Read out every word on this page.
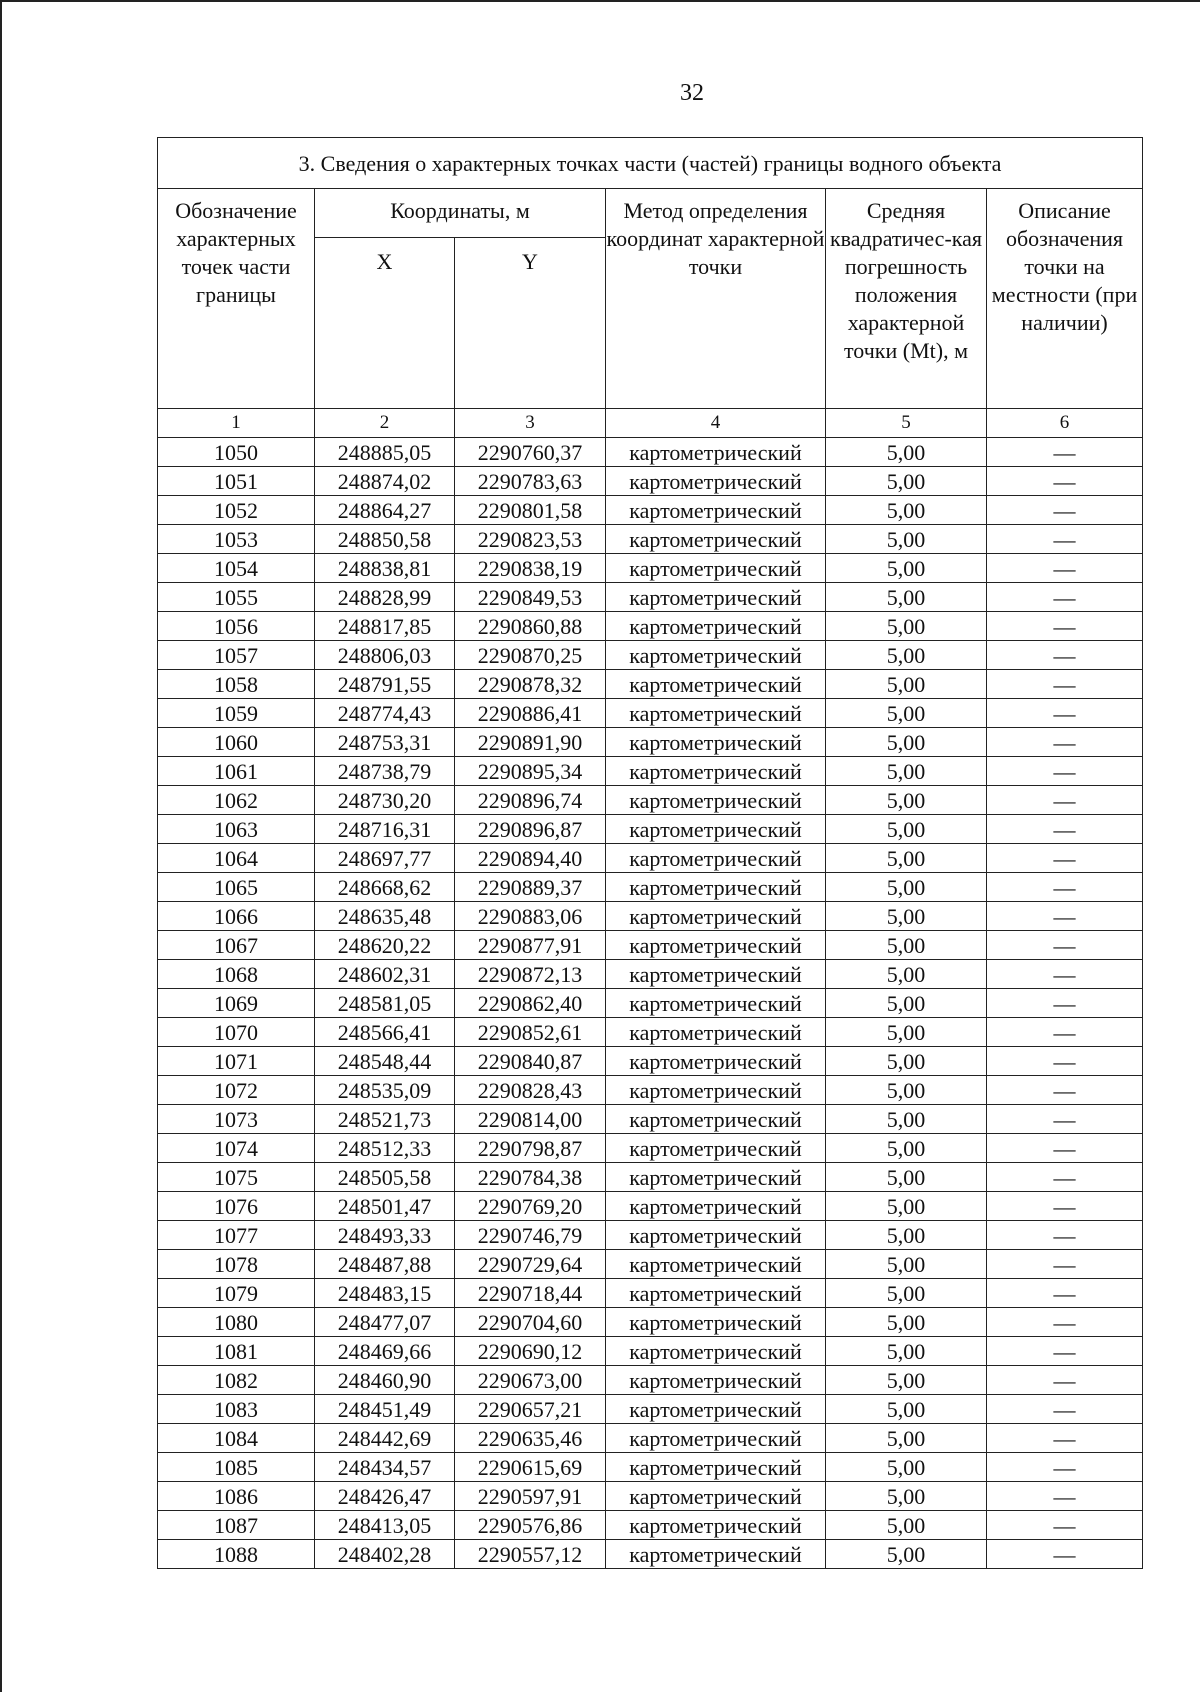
32
3. Сведения о характерных точках части (частей) границы водного объекта					
Обозначение характерных точек части границы	Координаты, м		Метод определения координат характерной точки	Средняя квадратичес-кая погрешность положения характерной точки (Mt), м	Описание обозначения точки на местности (при наличии)
	X	Y			
1	2	3	4	5	6
1050	248885,05	2290760,37	картометрический	5,00	—
1051	248874,02	2290783,63	картометрический	5,00	—
1052	248864,27	2290801,58	картометрический	5,00	—
1053	248850,58	2290823,53	картометрический	5,00	—
1054	248838,81	2290838,19	картометрический	5,00	—
1055	248828,99	2290849,53	картометрический	5,00	—
1056	248817,85	2290860,88	картометрический	5,00	—
1057	248806,03	2290870,25	картометрический	5,00	—
1058	248791,55	2290878,32	картометрический	5,00	—
1059	248774,43	2290886,41	картометрический	5,00	—
1060	248753,31	2290891,90	картометрический	5,00	—
1061	248738,79	2290895,34	картометрический	5,00	—
1062	248730,20	2290896,74	картометрический	5,00	—
1063	248716,31	2290896,87	картометрический	5,00	—
1064	248697,77	2290894,40	картометрический	5,00	—
1065	248668,62	2290889,37	картометрический	5,00	—
1066	248635,48	2290883,06	картометрический	5,00	—
1067	248620,22	2290877,91	картометрический	5,00	—
1068	248602,31	2290872,13	картометрический	5,00	—
1069	248581,05	2290862,40	картометрический	5,00	—
1070	248566,41	2290852,61	картометрический	5,00	—
1071	248548,44	2290840,87	картометрический	5,00	—
1072	248535,09	2290828,43	картометрический	5,00	—
1073	248521,73	2290814,00	картометрический	5,00	—
1074	248512,33	2290798,87	картометрический	5,00	—
1075	248505,58	2290784,38	картометрический	5,00	—
1076	248501,47	2290769,20	картометрический	5,00	—
1077	248493,33	2290746,79	картометрический	5,00	—
1078	248487,88	2290729,64	картометрический	5,00	—
1079	248483,15	2290718,44	картометрический	5,00	—
1080	248477,07	2290704,60	картометрический	5,00	—
1081	248469,66	2290690,12	картометрический	5,00	—
1082	248460,90	2290673,00	картометрический	5,00	—
1083	248451,49	2290657,21	картометрический	5,00	—
1084	248442,69	2290635,46	картометрический	5,00	—
1085	248434,57	2290615,69	картометрический	5,00	—
1086	248426,47	2290597,91	картометрический	5,00	—
1087	248413,05	2290576,86	картометрический	5,00	—
1088	248402,28	2290557,12	картометрический	5,00	—
